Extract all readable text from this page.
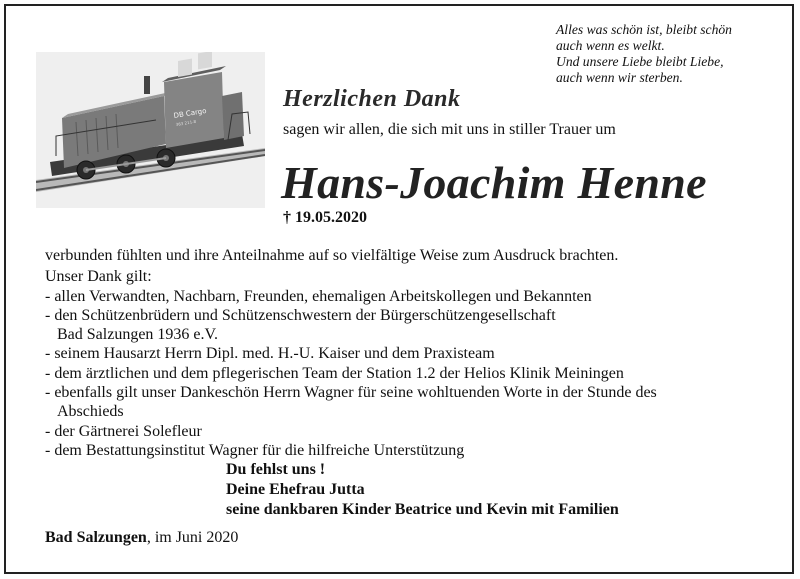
Alles was schön ist, bleibt schön
auch wenn es welkt.
Und unsere Liebe bleibt Liebe,
auch wenn wir sterben.
DB Cargo
363 211-8
Herzlichen Dank
sagen wir allen, die sich mit uns in stiller Trauer um
Hans-Joachim Henne
† 19.05.2020
verbunden fühlten und ihre Anteilnahme auf so vielfältige Weise zum Ausdruck brachten.
Unser Dank gilt:
- allen Verwandten, Nachbarn, Freunden, ehemaligen Arbeitskollegen und Bekannten
- den Schützenbrüdern und Schützenschwestern der Bürgerschützengesellschaft
Bad Salzungen 1936 e.V.
- seinem Hausarzt Herrn Dipl. med. H.-U. Kaiser und dem Praxisteam
- dem ärztlichen und dem pflegerischen Team der Station 1.2 der Helios Klinik Meiningen
- ebenfalls gilt unser Dankeschön Herrn Wagner für seine wohltuenden Worte in der Stunde des
Abschieds
- der Gärtnerei Solefleur
- dem Bestattungsinstitut Wagner für die hilfreiche Unterstützung
Du fehlst uns !
Deine Ehefrau Jutta
seine dankbaren Kinder Beatrice und Kevin mit Familien
Bad Salzungen, im Juni 2020
